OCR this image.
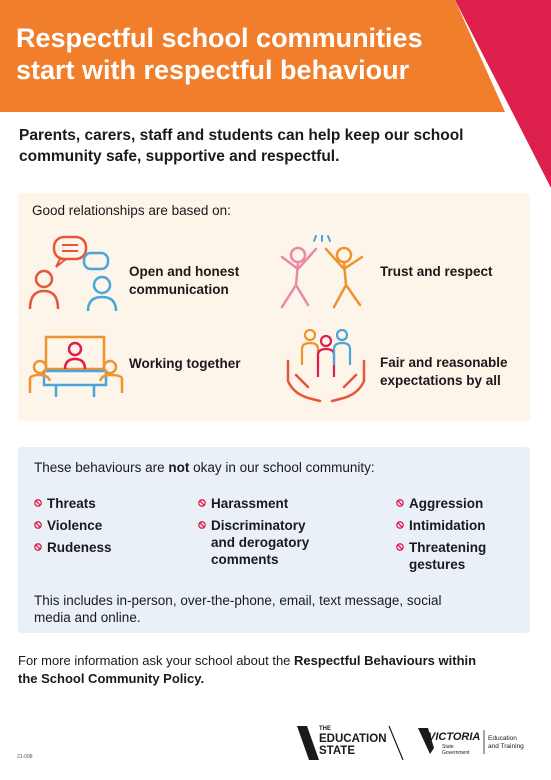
Respectful school communities
start with respectful behaviour

Parents, carers, staff and students can help keep our school
community safe, supportive and respectful.

Good relationships are based on:

Open and honest
communication

Trust and respect

Working together	Fair and reasonable
expectations by all

These behaviours are not okay in our school community:

Threats
Violence
Rudeness
Harassment
Discriminatory
and derogatory
comments
Aggression
Intimidation
Threatening
gestures

This includes in-person, over-the-phone, email, text message, social
media and online.

For more information ask your school about the Respectful Behaviours within
the School Community Policy.

21-098
THE
EDUCATION
STATE
VICTORIA
State
Government
Education
and Training
